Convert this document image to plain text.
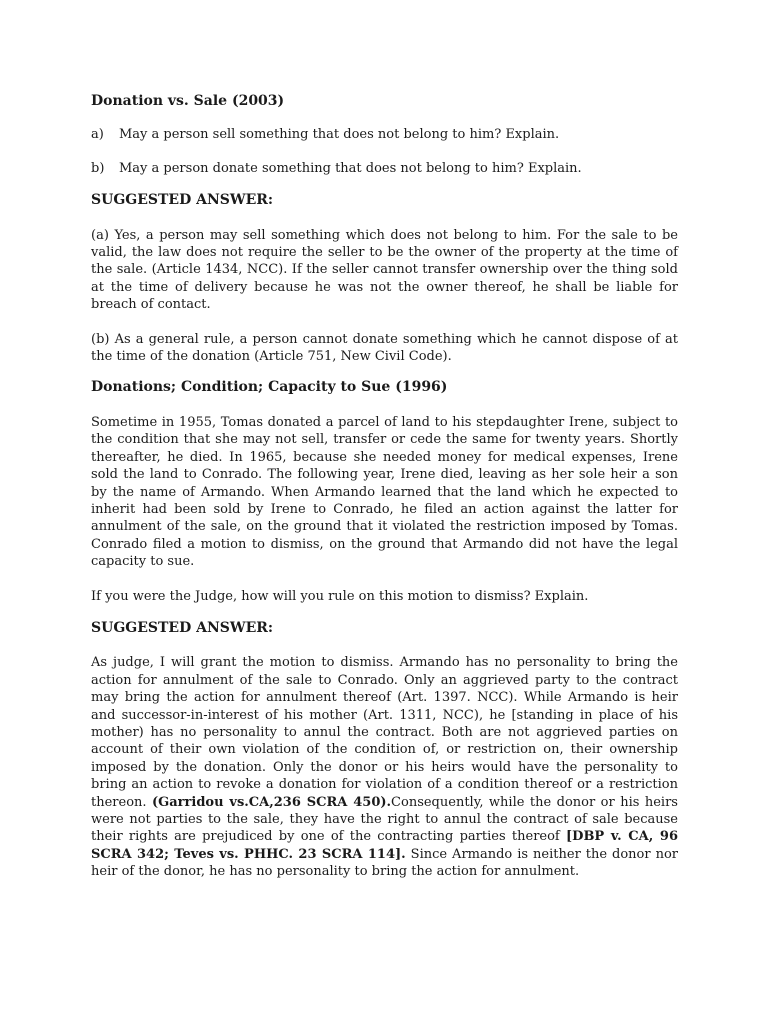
Donation vs. Sale (2003)
a)	May a person sell something that does not belong to him? Explain.
b)	May a person donate something that does not belong to him? Explain.
SUGGESTED ANSWER:
(a) Yes, a person may sell something which does not belong to him. For the sale to be valid, the law does not require the seller to be the owner of the property at the time of the sale. (Article 1434, NCC). If the seller cannot transfer ownership over the thing sold at the time of delivery because he was not the owner thereof, he shall be liable for breach of contact.
(b) As a general rule, a person cannot donate something which he cannot dispose of at the time of the donation (Article 751, New Civil Code).
Donations; Condition; Capacity to Sue (1996)
Sometime in 1955, Tomas donated a parcel of land to his stepdaughter Irene, subject to the condition that she may not sell, transfer or cede the same for twenty years. Shortly thereafter, he died. In 1965, because she needed money for medical expenses, Irene sold the land to Conrado. The following year, Irene died, leaving as her sole heir a son by the name of Armando. When Armando learned that the land which he expected to inherit had been sold by Irene to Conrado, he filed an action against the latter for annulment of the sale, on the ground that it violated the restriction imposed by Tomas. Conrado filed a motion to dismiss, on the ground that Armando did not have the legal capacity to sue.
If you were the Judge, how will you rule on this motion to dismiss? Explain.
SUGGESTED ANSWER:
As judge, I will grant the motion to dismiss. Armando has no personality to bring the action for annulment of the sale to Conrado. Only an aggrieved party to the contract may bring the action for annulment thereof (Art. 1397. NCC). While Armando is heir and successor-in-interest of his mother (Art. 1311, NCC), he [standing in place of his mother) has no personality to annul the contract. Both are not aggrieved parties on account of their own violation of the condition of, or restriction on, their ownership imposed by the donation. Only the donor or his heirs would have the personality to bring an action to revoke a donation for violation of a condition thereof or a restriction thereon. (Garridou vs.CA,236 SCRA 450).Consequently, while the donor or his heirs were not parties to the sale, they have the right to annul the contract of sale because their rights are prejudiced by one of the contracting parties thereof [DBP v. CA, 96 SCRA 342; Teves vs. PHHC. 23 SCRA 114]. Since Armando is neither the donor nor heir of the donor, he has no personality to bring the action for annulment.
